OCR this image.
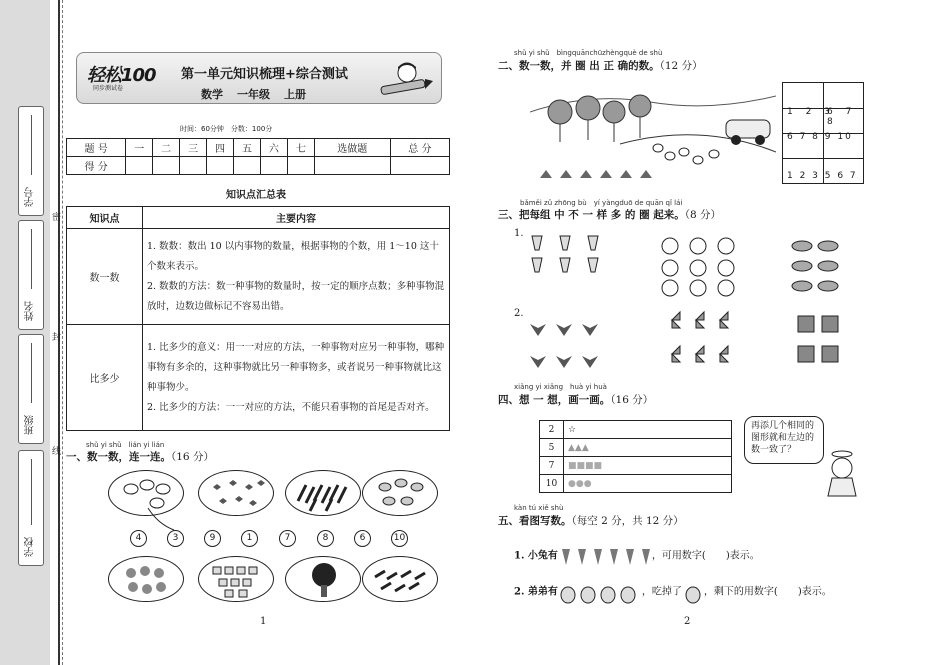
密
封
线
学号
姓名
班级
学校
轻松100
同步测试卷
第一单元知识梳理+综合测试
数学 一年级 上册
时间：60分钟　分数：100分
题 号	一	二	三	四	五	六	七	选做题	总 分
得 分									
知识点汇总表
知识点	主要内容
数一数	1. 数数：数出 10 以内事物的数量，根据事物的个数，用 1～10 这十个数来表示。
2. 数数的方法：数一种事物的数量时，按一定的顺序点数；多种事物混放时，边数边做标记不容易出错。

比多少	1. 比多少的意义：用一一对应的方法，一种事物对应另一种事物，哪种事物有多余的，这种事物就比另一种事物多，或者说另一种事物就比这种事物少。
2. 比多少的方法：一一对应的方法，不能只看事物的首尾是否对齐。
shǔ yi shǔ　lián yi lián
一、数一数，连一连。（16 分）
4	3	9	1	7	8	6	10
1
shǔ yi shǔ　bìngquānchūzhèngquè de shù
二、数一数，并 圈 出 正 确的数。（12 分）
1 2 3
6 7 8
6 7 8 9 10
1 2 3 5 6 7
bǎměi zǔ zhōng bù　yí yàngduō de quān qǐ lái
三、把每组 中 不 一 样 多 的 圈 起来。（8 分）
1.
2.
xiǎng yi xiǎng　huà yi huà
四、想 一 想，画一画。（16 分）
2	☆
5	▲▲▲
7	■■■■
10	●●●
再添几个相同的图形就和左边的数一致了？
kàn tú xiě shù
五、看图写数。（每空 2 分，共 12 分）
1. 小兔有	，可用数字(　　)表示。
2. 弟弟有	，吃掉了 ，剩下的用数字(　　)表示。
2
